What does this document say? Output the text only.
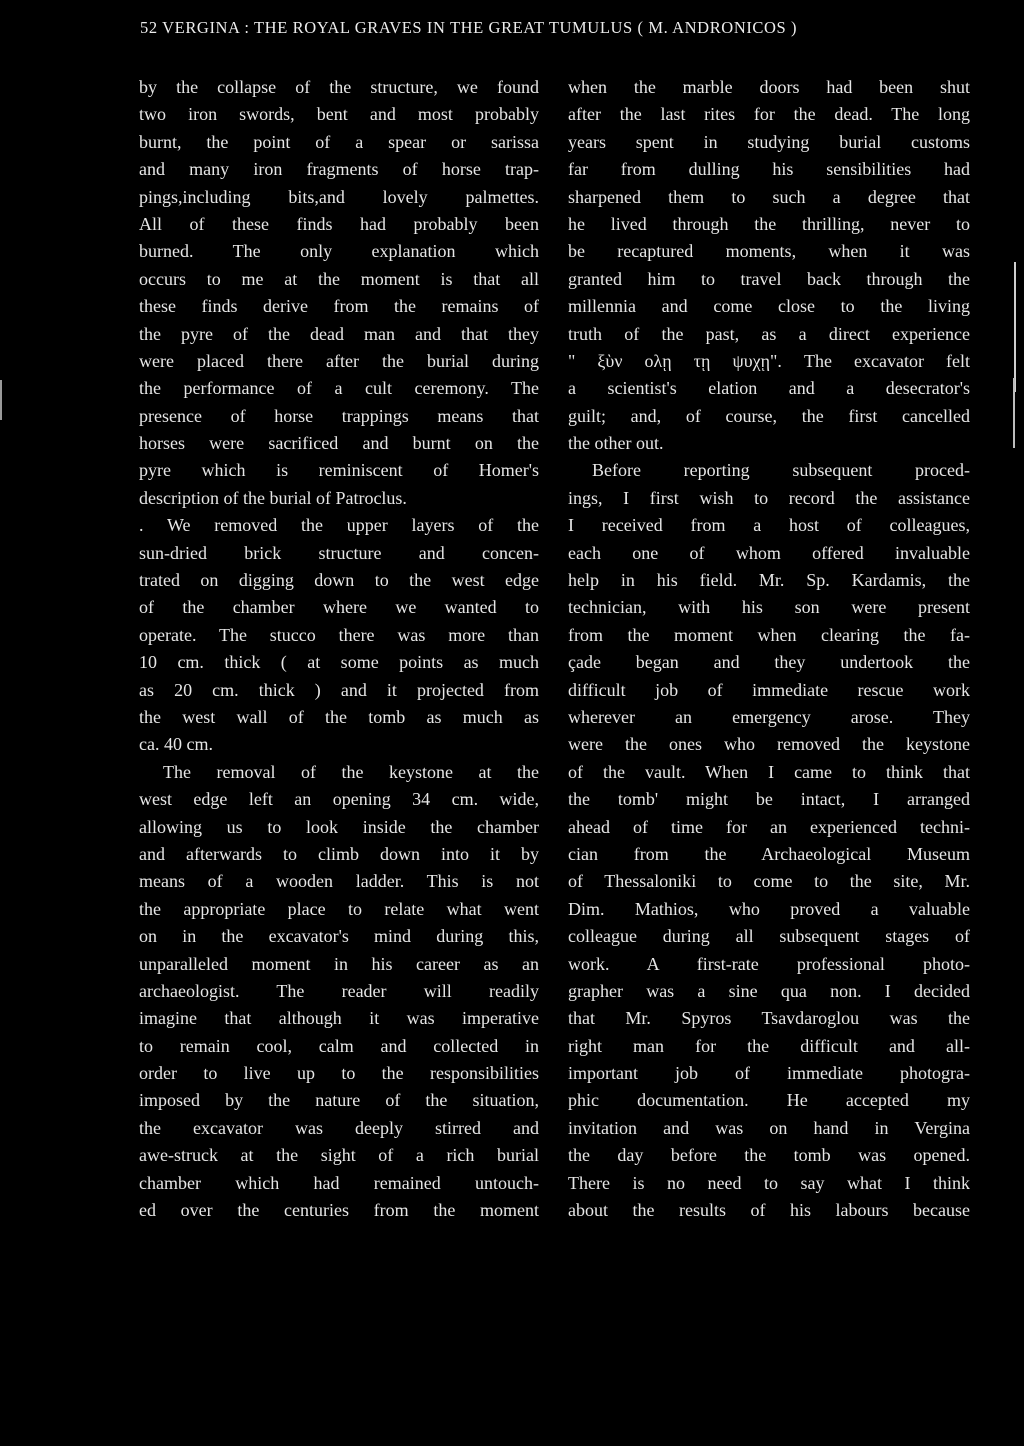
52 VERGINA : THE ROYAL GRAVES IN THE GREAT TUMULUS ( M. ANDRONICOS )
by the collapse of the structure, we found
two iron swords, bent and most probably
burnt, the point of a spear or sarissa
and many iron fragments of horse trap-
pings,including bits,and lovely palmettes.
All of these finds had probably been
burned. The only explanation which
occurs to me at the moment is that all
these finds derive from the remains of
the pyre of the dead man and that they
were placed there after the burial during
the performance of a cult ceremony. The
presence of horse trappings means that
horses were sacrificed and burnt on the
pyre which is reminiscent of Homer's
description of the burial of Patroclus.
. We removed the upper layers of the
sun-dried brick structure and concen-
trated on digging down to the west edge
of the chamber where we wanted to
operate. The stucco there was more than
10 cm. thick ( at some points as much
as 20 cm. thick ) and it projected from
the west wall of the tomb as much as
ca. 40 cm.
The removal of the keystone at the
west edge left an opening 34 cm. wide,
allowing us to look inside the chamber
and afterwards to climb down into it by
means of a wooden ladder. This is not
the appropriate place to relate what went
on in the excavator's mind during this,
unparalleled moment in his career as an
archaeologist. The reader will readily
imagine that although it was imperative
to remain cool, calm and collected in
order to live up to the responsibilities
imposed by the nature of the situation,
the excavator was deeply stirred and
awe-struck at the sight of a rich burial
chamber which had remained untouch-
ed over the centuries from the moment
when the marble doors had been shut
after the last rites for the dead. The long
years spent in studying burial customs
far from dulling his sensibilities had
sharpened them to such a degree that
he lived through the thrilling, never to
be recaptured moments, when it was
granted him to travel back through the
millennia and come close to the living
truth of the past, as a direct experience
" ξὺν ολῃ τῃ ψυχῃ". The excavator felt
a scientist's elation and a desecrator's
guilt; and, of course, the first cancelled
the other out.
Before reporting subsequent proced-
ings, I first wish to record the assistance
I received from a host of colleagues,
each one of whom offered invaluable
help in his field. Mr. Sp. Kardamis, the
technician, with his son were present
from the moment when clearing the fa-
çade began and they undertook the
difficult job of immediate rescue work
wherever an emergency arose. They
were the ones who removed the keystone
of the vault. When I came to think that
the tomb' might be intact, I arranged
ahead of time for an experienced techni-
cian from the Archaeological Museum
of Thessaloniki to come to the site, Mr.
Dim. Mathios, who proved a valuable
colleague during all subsequent stages of
work. A first-rate professional photo-
grapher was a sine qua non. I decided
that Mr. Spyros Tsavdaroglou was the
right man for the difficult and all-
important job of immediate photogra-
phic documentation. He accepted my
invitation and was on hand in Vergina
the day before the tomb was opened.
There is no need to say what I think
about the results of his labours because
